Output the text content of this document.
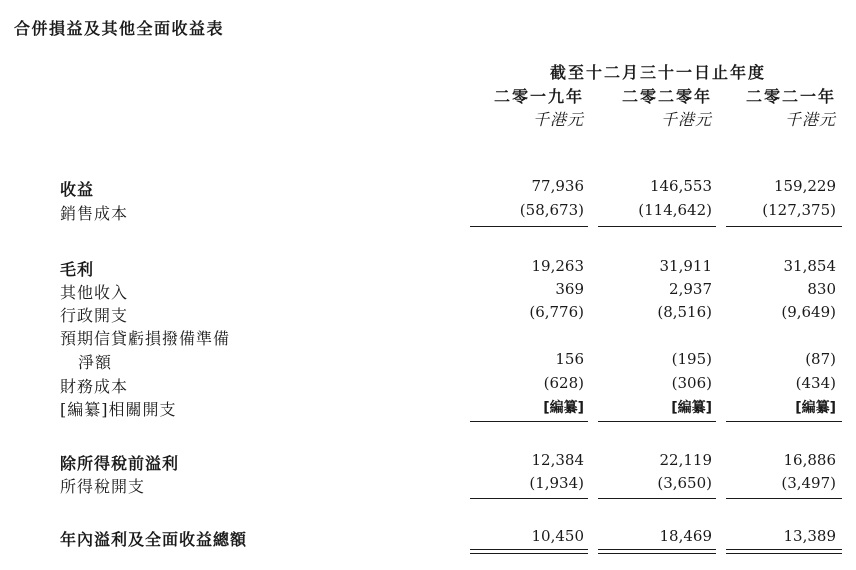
合併損益及其他全面收益表
截至十二月三十一日止年度
二零一九年	二零二零年	二零二一年
千港元	千港元	千港元
收益	77,936	146,553	159,229
銷售成本	(58,673)	(114,642)	(127,375)
毛利	19,263	31,911	31,854
其他收入	369	2,937	830
行政開支	(6,776)	(8,516)	(9,649)
預期信貸虧損撥備準備
淨額	156	(195)	(87)
財務成本	(628)	(306)	(434)
[編纂]相關開支	[編纂]	[編纂]	[編纂]
除所得稅前溢利	12,384	22,119	16,886
所得稅開支	(1,934)	(3,650)	(3,497)
年內溢利及全面收益總額	10,450	18,469	13,389
